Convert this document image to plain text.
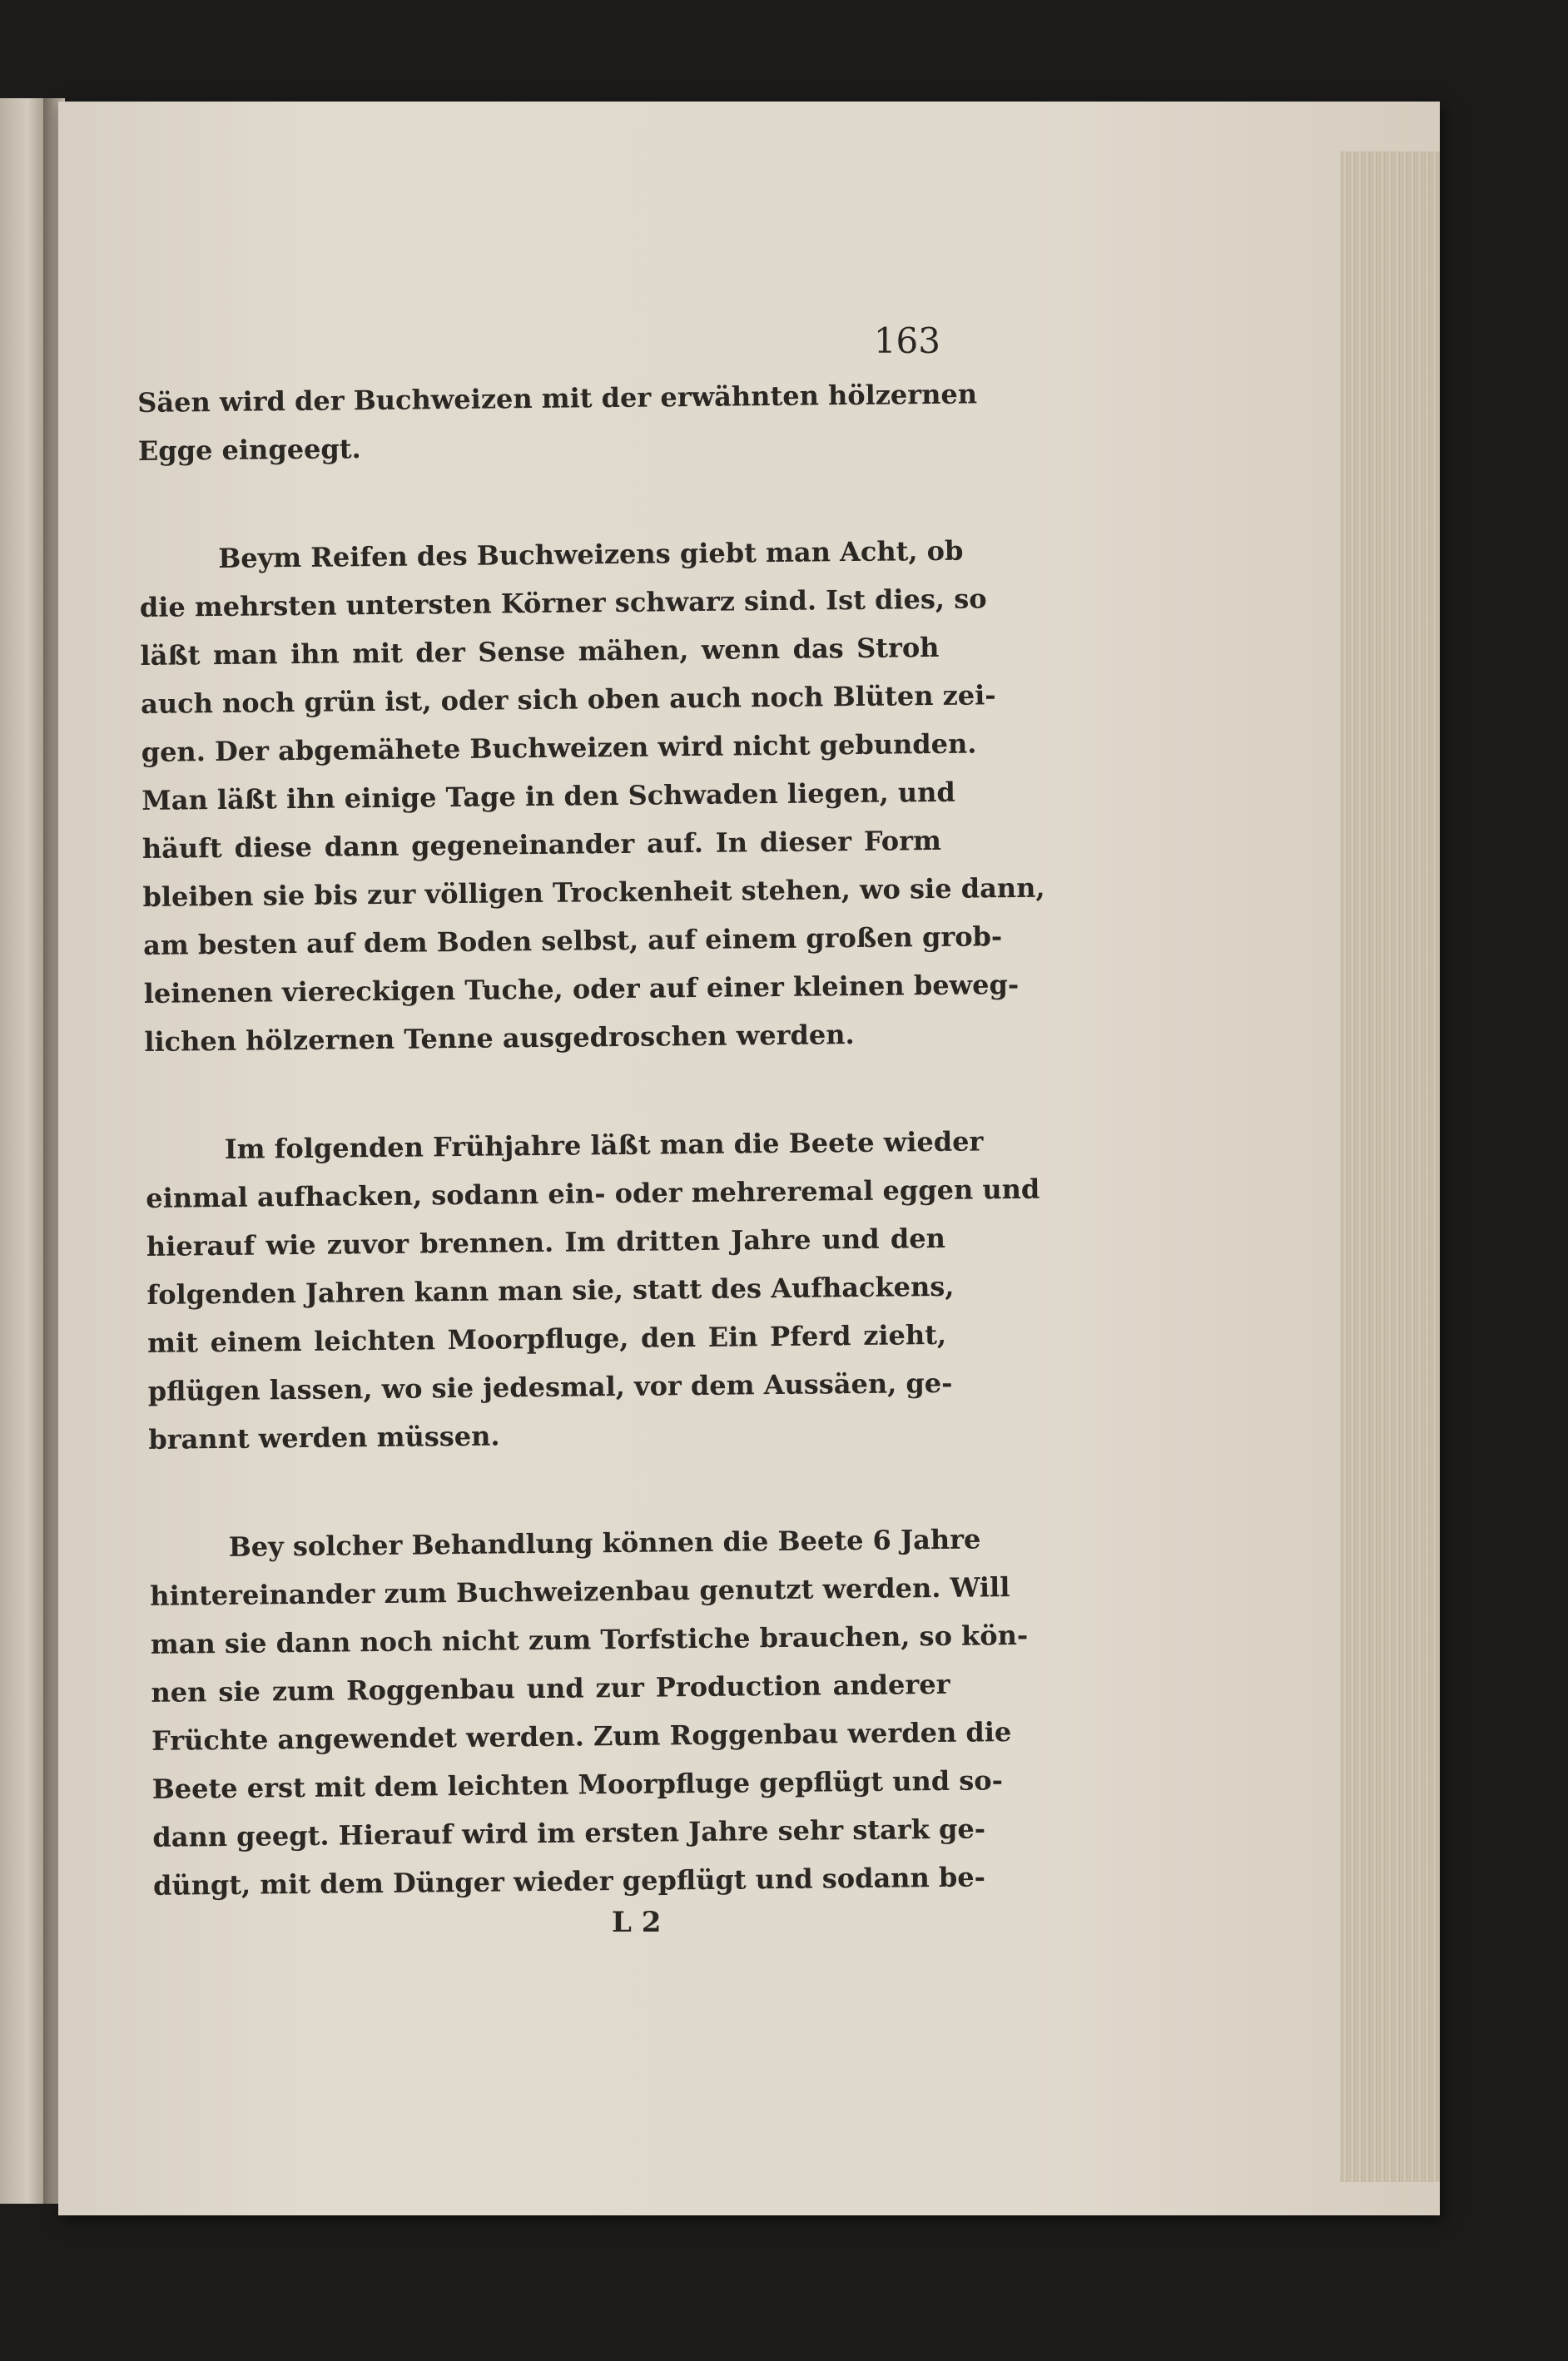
163
Säen wird der Buchweizen mit der erwähnten hölzernen
Egge eingeegt.
Beym Reifen des Buchweizens giebt man Acht, ob
die mehrsten untersten Körner schwarz sind. Ist dies, so
läßt man ihn mit der Sense mähen, wenn das Stroh
auch noch grün ist, oder sich oben auch noch Blüten zei-
gen. Der abgemähete Buchweizen wird nicht gebunden.
Man läßt ihn einige Tage in den Schwaden liegen, und
häuft diese dann gegeneinander auf. In dieser Form
bleiben sie bis zur völligen Trockenheit stehen, wo sie dann,
am besten auf dem Boden selbst, auf einem großen grob-
leinenen viereckigen Tuche, oder auf einer kleinen beweg-
lichen hölzernen Tenne ausgedroschen werden.
Im folgenden Frühjahre läßt man die Beete wieder
einmal aufhacken, sodann ein- oder mehreremal eggen und
hierauf wie zuvor brennen. Im dritten Jahre und den
folgenden Jahren kann man sie, statt des Aufhackens,
mit einem leichten Moorpfluge, den Ein Pferd zieht,
pflügen lassen, wo sie jedesmal, vor dem Aussäen, ge-
brannt werden müssen.
Bey solcher Behandlung können die Beete 6 Jahre
hintereinander zum Buchweizenbau genutzt werden. Will
man sie dann noch nicht zum Torfstiche brauchen, so kön-
nen sie zum Roggenbau und zur Production anderer
Früchte angewendet werden. Zum Roggenbau werden die
Beete erst mit dem leichten Moorpfluge gepflügt und so-
dann geegt. Hierauf wird im ersten Jahre sehr stark ge-
düngt, mit dem Dünger wieder gepflügt und sodann be-
L 2
